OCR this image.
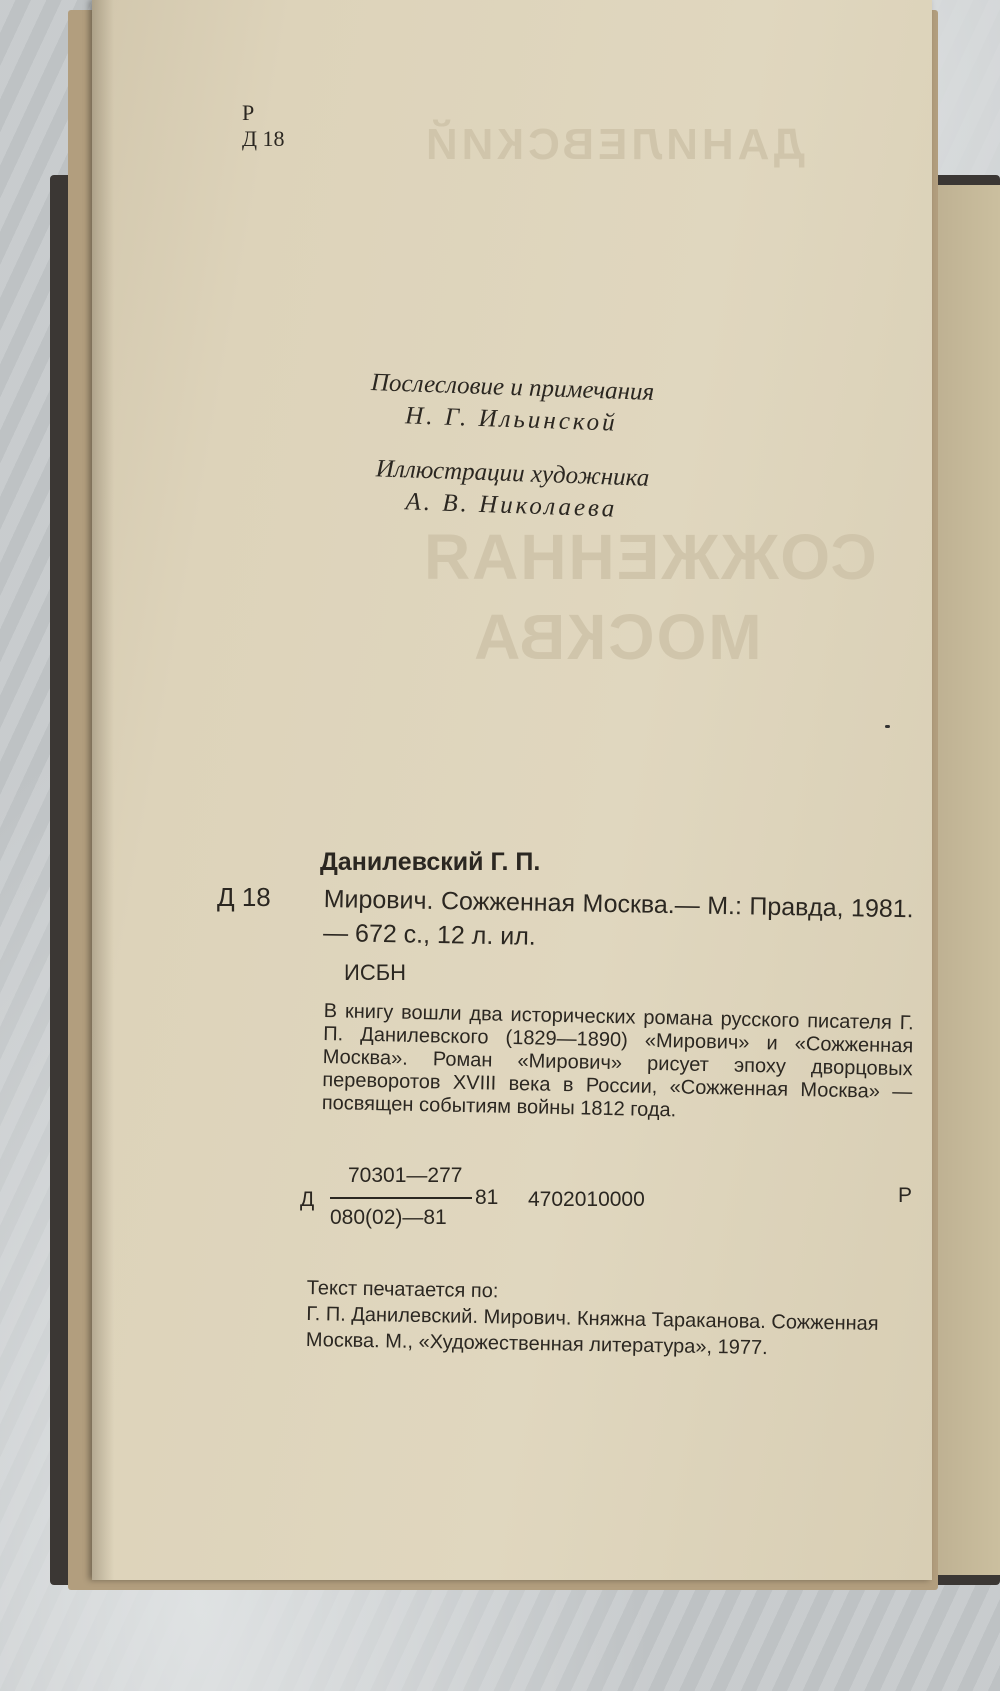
ДАНИЛЕВСКИЙ
СОЖЖЕННАЯ
МОСКВА
Р
Д 18
Послесловие и примечания
Н. Г. Ильинской
Иллюстрации художника
А. В. Николаева
Данилевский Г. П.
Д 18 Мирович. Сожженная Москва.— М.: Правда, 1981.— 672 с., 12 л. ил.
ИСБН
В книгу вошли два исторических романа русского писателя Г. П. Данилевского (1829—1890) «Мирович» и «Сожженная Москва». Роман «Мирович» рисует эпоху дворцовых переворотов XVIII века в России, «Сожженная Москва» — посвящен событиям войны 1812 года.
Д
70301—277
080(02)—81
81 4702010000	Р
Текст печатается по:
Г. П. Данилевский. Мирович. Княжна Тараканова. Сожженная Москва. М., «Художественная литература», 1977.
